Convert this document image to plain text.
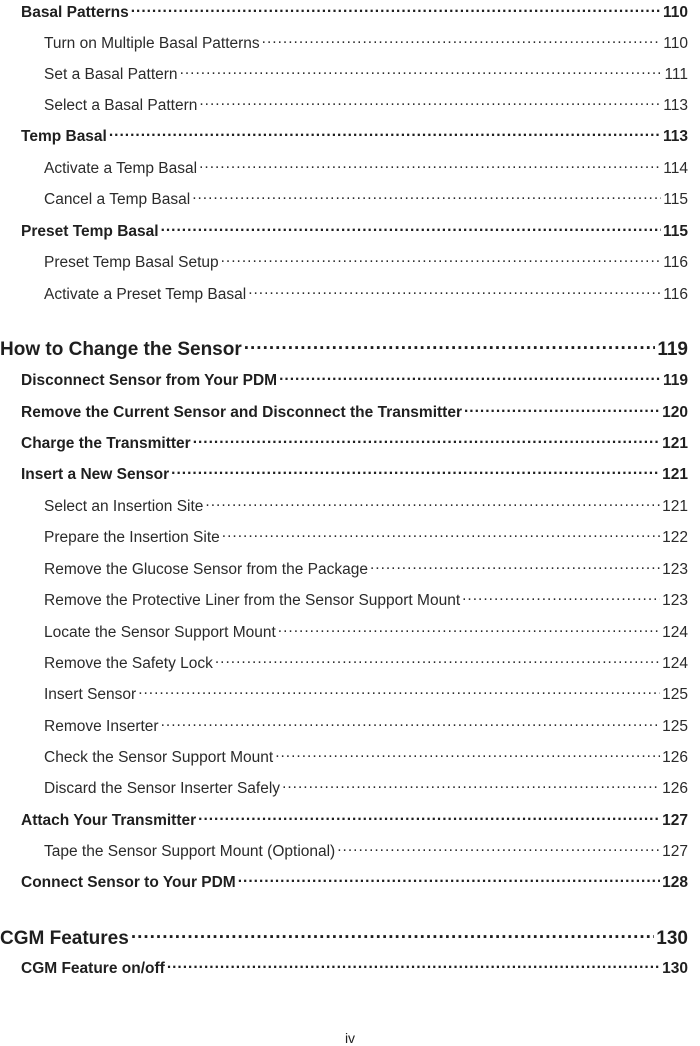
Basal Patterns .....	110
Turn on Multiple Basal Patterns .....	110
Set a Basal Pattern .....	111
Select a Basal Pattern .....	113
Temp Basal .....	113
Activate a Temp Basal .....	114
Cancel a Temp Basal .....	115
Preset Temp Basal .....	115
Preset Temp Basal Setup .....	116
Activate a Preset Temp Basal .....	116
How to Change the Sensor .....	119
Disconnect Sensor from Your PDM .....	119
Remove the Current Sensor and Disconnect the Transmitter .....	120
Charge the Transmitter .....	121
Insert a New Sensor .....	121
Select an Insertion Site .....	121
Prepare the Insertion Site .....	122
Remove the Glucose Sensor from the Package .....	123
Remove the Protective Liner from the Sensor Support Mount .....	123
Locate the Sensor Support Mount .....	124
Remove the Safety Lock .....	124
Insert Sensor .....	125
Remove Inserter .....	125
Check the Sensor Support Mount .....	126
Discard the Sensor Inserter Safely .....	126
Attach Your Transmitter .....	127
Tape the Sensor Support Mount (Optional) .....	127
Connect Sensor to Your PDM .....	128
CGM Features .....	130
CGM Feature on/off .....	130
iv
